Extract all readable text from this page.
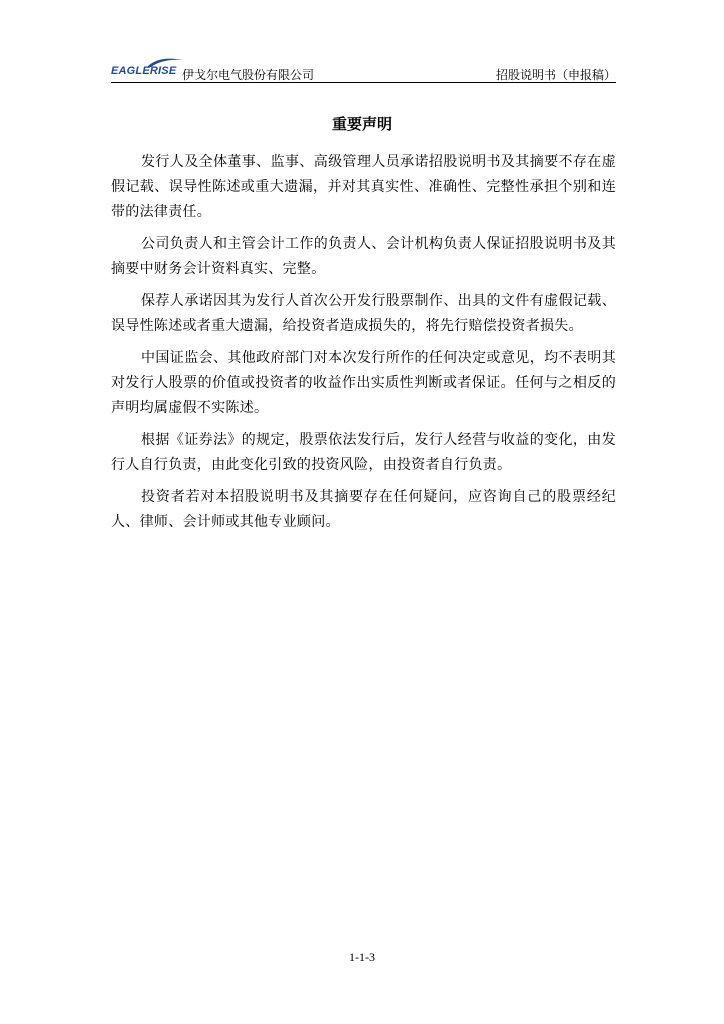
EAGLERISE 伊戈尔电气股份有限公司	招股说明书（申报稿）
重要声明

发行人及全体董事、监事、高级管理人员承诺招股说明书及其摘要不存在虚假记载、误导性陈述或重大遗漏，并对其真实性、准确性、完整性承担个别和连带的法律责任。

公司负责人和主管会计工作的负责人、会计机构负责人保证招股说明书及其摘要中财务会计资料真实、完整。

保荐人承诺因其为发行人首次公开发行股票制作、出具的文件有虚假记载、误导性陈述或者重大遗漏，给投资者造成损失的，将先行赔偿投资者损失。

中国证监会、其他政府部门对本次发行所作的任何决定或意见，均不表明其对发行人股票的价值或投资者的收益作出实质性判断或者保证。任何与之相反的声明均属虚假不实陈述。

根据《证券法》的规定，股票依法发行后，发行人经营与收益的变化，由发行人自行负责，由此变化引致的投资风险，由投资者自行负责。

投资者若对本招股说明书及其摘要存在任何疑问，应咨询自己的股票经纪人、律师、会计师或其他专业顾问。

1-1-3
